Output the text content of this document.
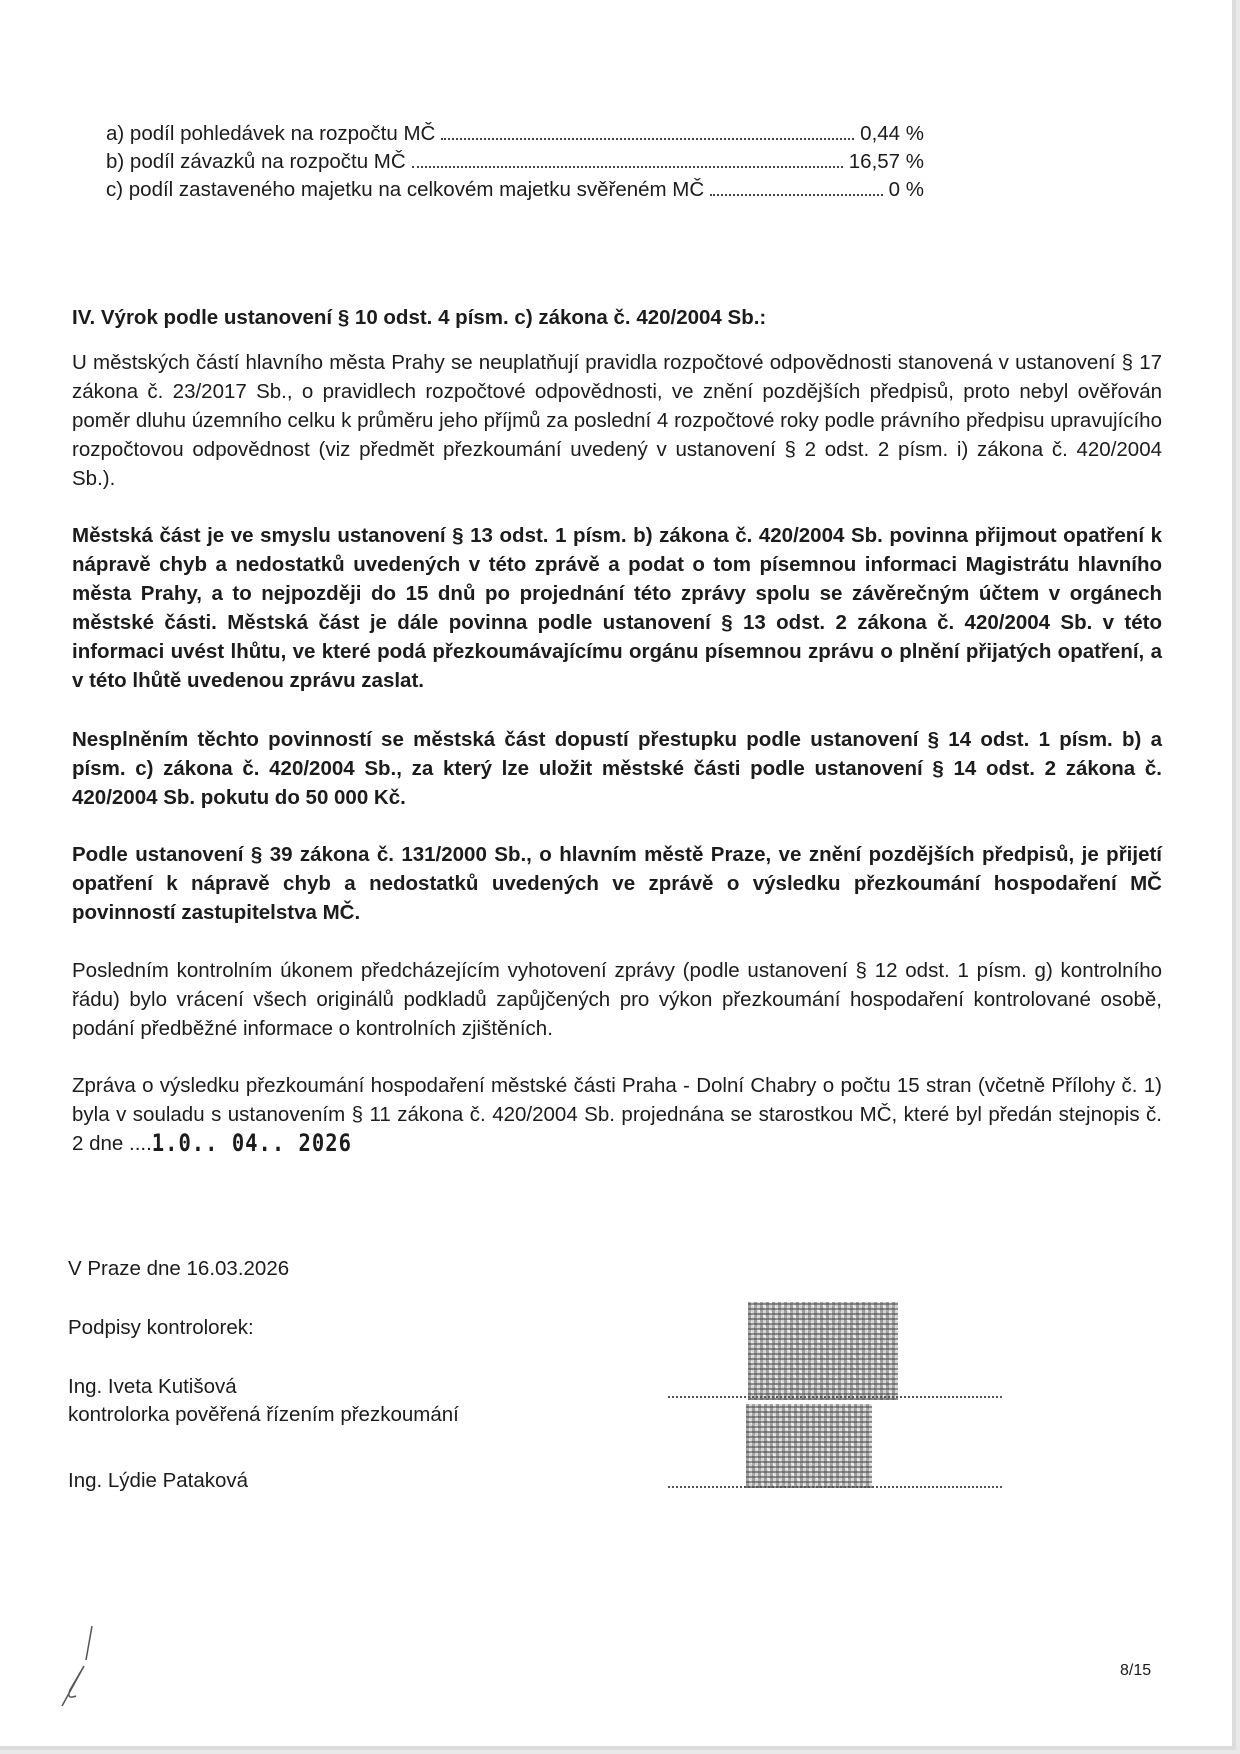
a) podíl pohledávek na rozpočtu MČ	0,44 %
b) podíl závazků na rozpočtu MČ	16,57 %
c) podíl zastaveného majetku na celkovém majetku svěřeném MČ	0 %
IV. Výrok podle ustanovení § 10 odst. 4 písm. c) zákona č. 420/2004 Sb.:
U městských částí hlavního města Prahy se neuplatňují pravidla rozpočtové odpovědnosti stanovená v ustanovení § 17 zákona č. 23/2017 Sb., o pravidlech rozpočtové odpovědnosti, ve znění pozdějších předpisů, proto nebyl ověřován poměr dluhu územního celku k průměru jeho příjmů za poslední 4 rozpočtové roky podle právního předpisu upravujícího rozpočtovou odpovědnost (viz předmět přezkoumání uvedený v ustanovení § 2 odst. 2 písm. i) zákona č. 420/2004 Sb.).
Městská část je ve smyslu ustanovení § 13 odst. 1 písm. b) zákona č. 420/2004 Sb. povinna přijmout opatření k nápravě chyb a nedostatků uvedených v této zprávě a podat o tom písemnou informaci Magistrátu hlavního města Prahy, a to nejpozději do 15 dnů po projednání této zprávy spolu se závěrečným účtem v orgánech městské části. Městská část je dále povinna podle ustanovení § 13 odst. 2 zákona č. 420/2004 Sb. v této informaci uvést lhůtu, ve které podá přezkoumávajícímu orgánu písemnou zprávu o plnění přijatých opatření, a v této lhůtě uvedenou zprávu zaslat.
Nesplněním těchto povinností se městská část dopustí přestupku podle ustanovení § 14 odst. 1 písm. b) a písm. c) zákona č. 420/2004 Sb., za který lze uložit městské části podle ustanovení § 14 odst. 2 zákona č. 420/2004 Sb. pokutu do 50 000 Kč.
Podle ustanovení § 39 zákona č. 131/2000 Sb., o hlavním městě Praze, ve znění pozdějších předpisů, je přijetí opatření k nápravě chyb a nedostatků uvedených ve zprávě o výsledku přezkoumání hospodaření MČ povinností zastupitelstva MČ.
Posledním kontrolním úkonem předcházejícím vyhotovení zprávy (podle ustanovení § 12 odst. 1 písm. g) kontrolního řádu) bylo vrácení všech originálů podkladů zapůjčených pro výkon přezkoumání hospodaření kontrolované osobě, podání předběžné informace o kontrolních zjištěních.
Zpráva o výsledku přezkoumání hospodaření městské části Praha - Dolní Chabry o počtu 15 stran (včetně Přílohy č. 1) byla v souladu s ustanovením § 11 zákona č. 420/2004 Sb. projednána se starostkou MČ, které byl předán stejnopis č. 2 dne ....1.0.. 04.. 2026
V Praze dne 16.03.2026
Podpisy kontrolorek:
Ing. Iveta Kutišová
kontrolorka pověřená řízením přezkoumání
Ing. Lýdie Pataková
8/15
